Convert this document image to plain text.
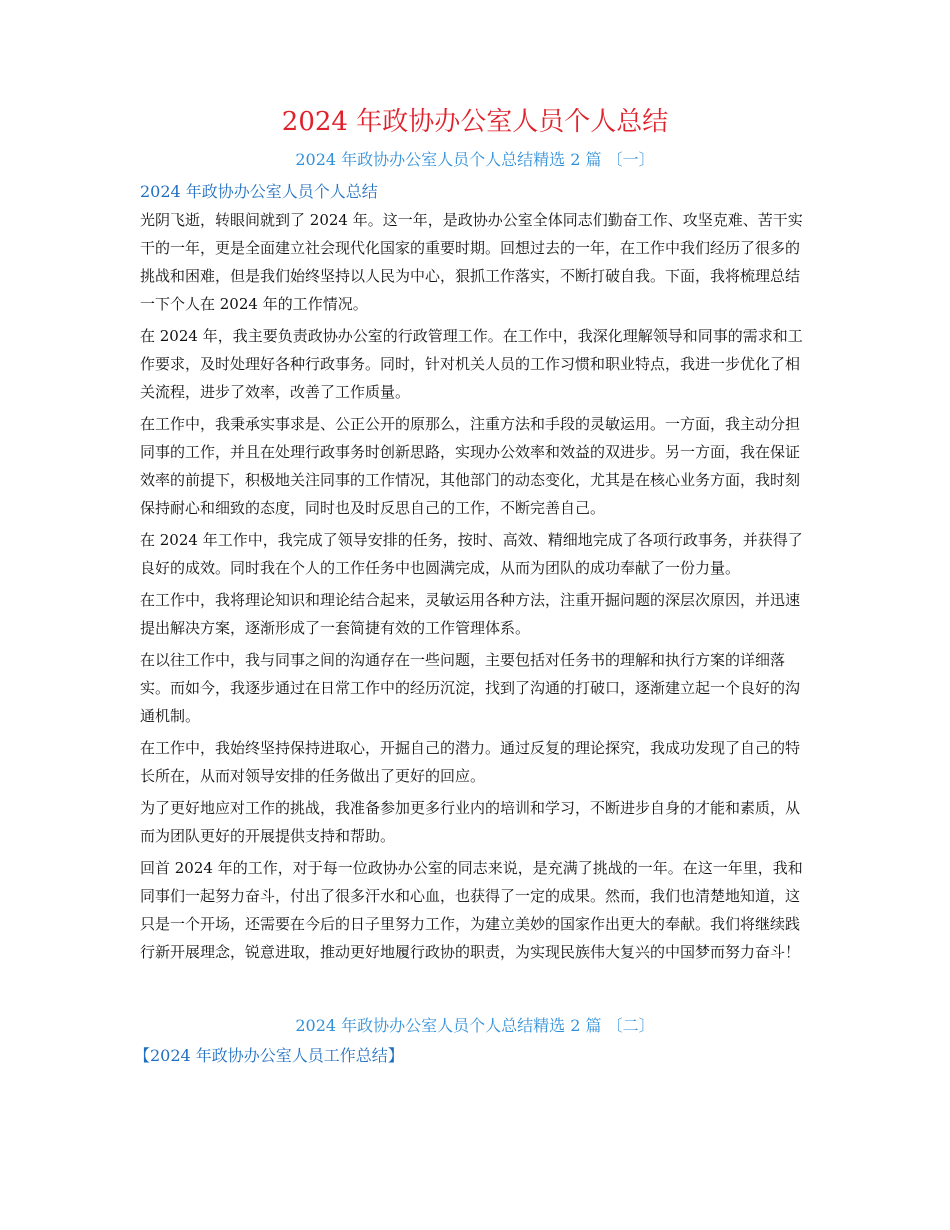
2024 年政协办公室人员个人总结
2024 年政协办公室人员个人总结精选 2 篇 〔一〕
2024 年政协办公室人员个人总结

光阴飞逝，转眼间就到了 2024 年。这一年，是政协办公室全体同志们勤奋工作、攻坚克难、苦干实干的一年，更是全面建立社会现代化国家的重要时期。回想过去的一年，在工作中我们经历了很多的挑战和困难，但是我们始终坚持以人民为中心，狠抓工作落实，不断打破自我。下面，我将梳理总结一下个人在 2024 年的工作情况。

在 2024 年，我主要负责政协办公室的行政管理工作。在工作中，我深化理解领导和同事的需求和工作要求，及时处理好各种行政事务。同时，针对机关人员的工作习惯和职业特点，我进一步优化了相关流程，进步了效率，改善了工作质量。

在工作中，我秉承实事求是、公正公开的原那么，注重方法和手段的灵敏运用。一方面，我主动分担同事的工作，并且在处理行政事务时创新思路，实现办公效率和效益的双进步。另一方面，我在保证效率的前提下，积极地关注同事的工作情况，其他部门的动态变化，尤其是在核心业务方面，我时刻保持耐心和细致的态度，同时也及时反思自己的工作，不断完善自己。

在 2024 年工作中，我完成了领导安排的任务，按时、高效、精细地完成了各项行政事务，并获得了良好的成效。同时我在个人的工作任务中也圆满完成，从而为团队的成功奉献了一份力量。

在工作中，我将理论知识和理论结合起来，灵敏运用各种方法，注重开掘问题的深层次原因，并迅速提出解决方案，逐渐形成了一套简捷有效的工作管理体系。

在以往工作中，我与同事之间的沟通存在一些问题，主要包括对任务书的理解和执行方案的详细落实。而如今，我逐步通过在日常工作中的经历沉淀，找到了沟通的打破口，逐渐建立起一个良好的沟通机制。

在工作中，我始终坚持保持进取心，开掘自己的潜力。通过反复的理论探究，我成功发现了自己的特长所在，从而对领导安排的任务做出了更好的回应。

为了更好地应对工作的挑战，我准备参加更多行业内的培训和学习，不断进步自身的才能和素质，从而为团队更好的开展提供支持和帮助。

回首 2024 年的工作，对于每一位政协办公室的同志来说，是充满了挑战的一年。在这一年里，我和同事们一起努力奋斗，付出了很多汗水和心血，也获得了一定的成果。然而，我们也清楚地知道，这只是一个开场，还需要在今后的日子里努力工作，为建立美妙的国家作出更大的奉献。我们将继续践行新开展理念，锐意进取，推动更好地履行政协的职责，为实现民族伟大复兴的中国梦而努力奋斗！

2024 年政协办公室人员个人总结精选 2 篇 〔二〕
【2024 年政协办公室人员工作总结】
